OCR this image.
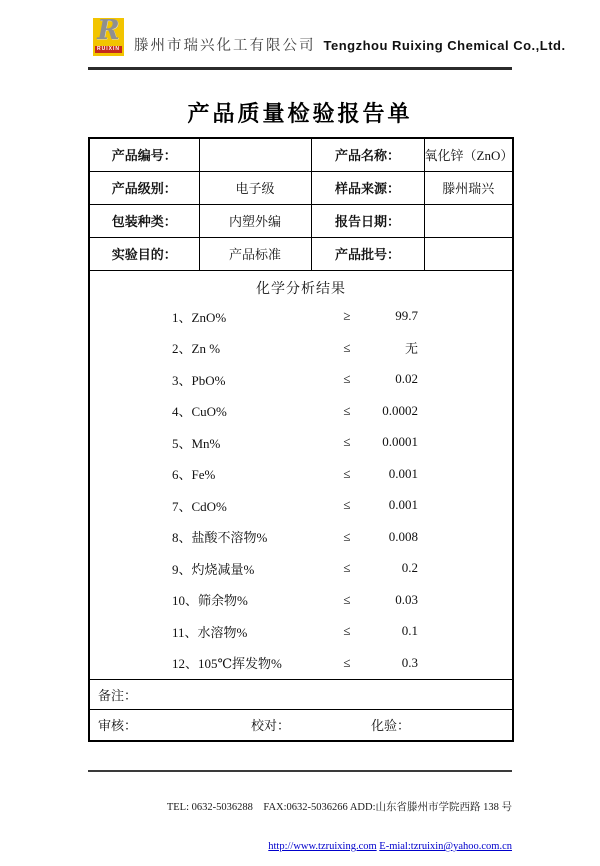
R
RUIXIN 滕州市瑞兴化工有限公司 Tengzhou Ruixing Chemical Co.,Ltd.
产品质量检验报告单
产品编号：		产品名称：	氧化锌（ZnO）
产品级别：	电子级	样品来源：	滕州瑞兴
包装种类：	内塑外编	报告日期：	
实验目的：	产品标准	产品批号：	

化学分析结果
1、ZnO%	≥	99.7
2、Zn %	≤	无
3、PbO%	≤	0.02
4、CuO%	≤	0.0002
5、Mn%	≤	0.0001
6、Fe%	≤	0.001
7、CdO%	≤	0.001
8、盐酸不溶物%	≤	0.008
9、灼烧减量%	≤	0.2
10、筛余物%	≤	0.03
11、水溶物%	≤	0.1
12、105℃挥发物%	≤	0.3

备注：			
审核： 校对： 化验：			

TEL: 0632-5036288　FAX:0632-5036266 ADD:山东省滕州市学院西路 138 号

http://www.tzruixing.com E-mial:tzruixin@yahoo.com.cn
